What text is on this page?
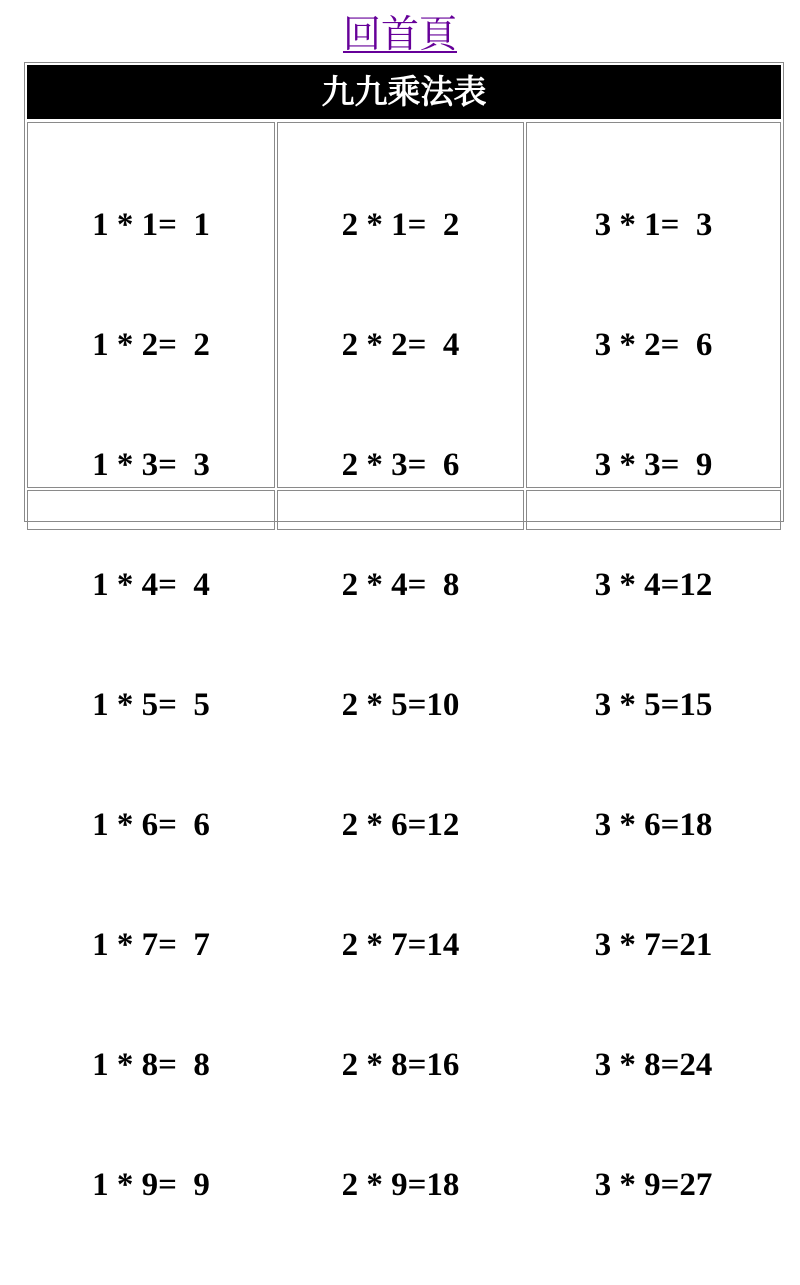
回首頁
九九乘法表

1 * 1=  1

1 * 2=  2

1 * 3=  3

1 * 4=  4

1 * 5=  5

1 * 6=  6

1 * 7=  7

1 * 8=  8

1 * 9=  9

2 * 1=  2

2 * 2=  4

2 * 3=  6

2 * 4=  8

2 * 5=10

2 * 6=12

2 * 7=14

2 * 8=16

2 * 9=18

3 * 1=  3

3 * 2=  6

3 * 3=  9

3 * 4=12

3 * 5=15

3 * 6=18

3 * 7=21

3 * 8=24

3 * 9=27
